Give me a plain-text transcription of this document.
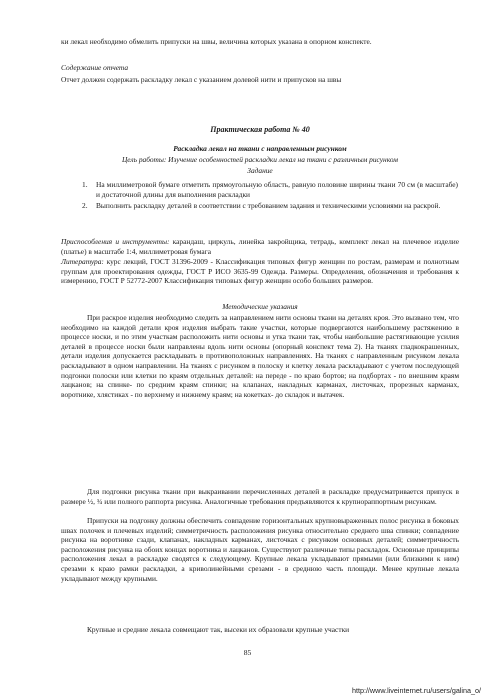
ки лекал необходимо обмелить припуски на швы, величина которых указана в опорном конспекте.

Содержание отчета

Отчет должен содержать раскладку лекал с указанием долевой нити и припусков на швы

Практическая работа № 40

Раскладка лекал на ткани с направленным рисунком

Цель работы: Изучение особенностей раскладки лекал на ткани с различным рисунком

Задание

1. На миллиметровой бумаге отметить прямоугольную область, равную половине ширины ткани 70 см (в масштабе) и достаточной длины для выполнения раскладки
2. Выполнить раскладку деталей в соответствии с требованием задания и техническими условиями на раскрой.

Приспособления и инструменты: карандаш, циркуль, линейка закройщика, тетрадь, комплект лекал на плечевое изделие (платье) в масштабе 1:4, миллиметровая бумага

Литература: курс лекций, ГОСТ 31396-2009 - Классификация типовых фигур женщин по ростам, размерам и полнотным группам для проектирования одежды, ГОСТ Р ИСО 3635-99 Одежда. Размеры. Определения, обозначения и требования к измерению, ГОСТ Р 52772-2007 Классификация типовых фигур женщин особо больших размеров.

Методические указания

При раскрое изделия необходимо следить за направлением нити основы ткани на деталях кроя. Это вызвано тем, что необходимо на каждой детали кроя изделия выбрать такие участки, которые подвергаются наибольшему растяжению в процессе носки, и по этим участкам расположить нити основы и утка ткани так, чтобы наибольшие растягивающие усилия деталей в процессе носки были направлены вдоль нити основы (опорный конспект тема 2). На тканях гладкокрашенных, детали изделия допускается раскладывать в противоположных направлениях. На тканях с направленным рисунком лекала раскладывают в одном направлении. На тканях с рисунком в полоску и клетку лекала раскладывают с учетом последующей подгонки полоски или клетки по краям отдельных деталей: на переде - по краю бортов; на подбортах - по внешним краям лацканов; на спинке- по средним краям спинки; на клапанах, накладных карманах, листочках, прорезных карманах, воротнике, хлястиках - по верхнему и нижнему краям; на кокетках- до складок и вытачек.

Для подгонки рисунка ткани при выкраивании перечисленных деталей в раскладке предусматривается припуск в размере ½, ¾ или полного раппорта рисунка. Аналогичные требования предъявляются к крупнораппортным рисункам.

Припуски на подгонку должны обеспечить совпадение горизонтальных крупновыраженных полос рисунка в боковых швах полочек и плечевых изделий; симметричность расположения рисунка относительно среднего шва спинки; совпадение рисунка на воротнике сзади, клапанах, накладных карманах, листочках с рисунком основных деталей; симметричность расположения рисунка на обоих концах воротника и лацканов. Существуют различные типы раскладок. Основные принципы расположения лекал в раскладке сводятся к следующему. Крупные лекала укладывают прямыми (или близкими к ним) срезами к краю рамки раскладки, а криволинейными срезами - в среднюю часть площади. Менее крупные лекала укладывают между крупными.

Крупные и средние лекала совмещают так, высеки их образовали крупные участки

85
http://www.liveinternet.ru/users/galina_o/
